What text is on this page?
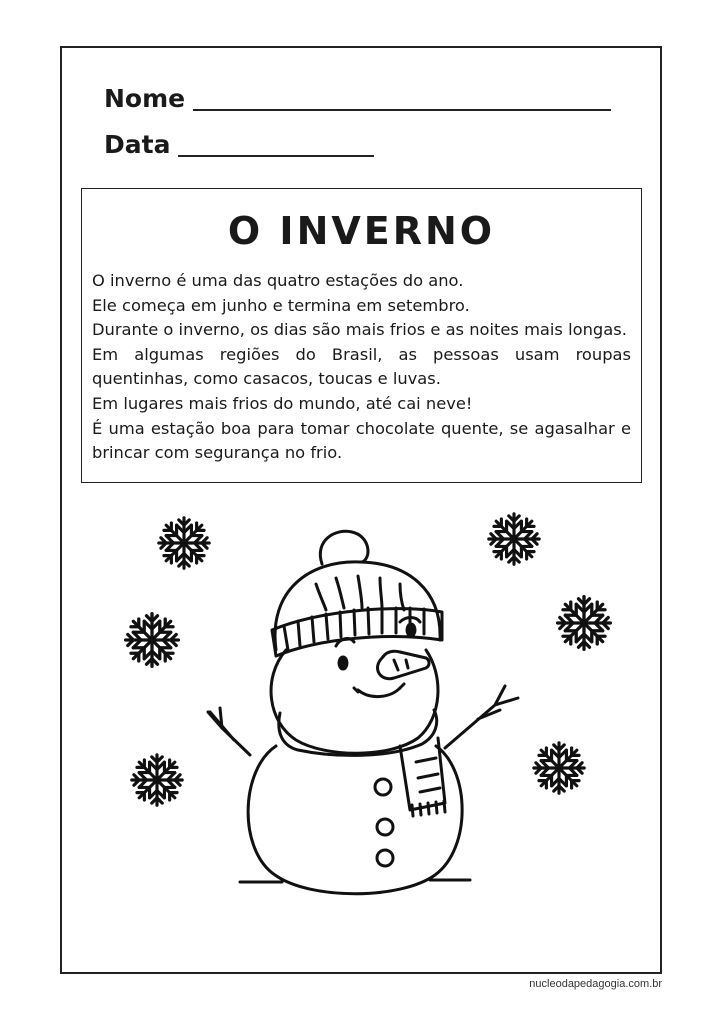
Nome
Data
O INVERNO

O inverno é uma das quatro estações do ano.

Ele começa em junho e termina em setembro.

Durante o inverno, os dias são mais frios e as noites mais longas.

Em algumas regiões do Brasil, as pessoas usam roupas quentinhas, como casacos, toucas e luvas.

Em lugares mais frios do mundo, até cai neve!

É uma estação boa para tomar chocolate quente, se agasalhar e brincar com segurança no frio.

nucleodapedagogia.com.br
